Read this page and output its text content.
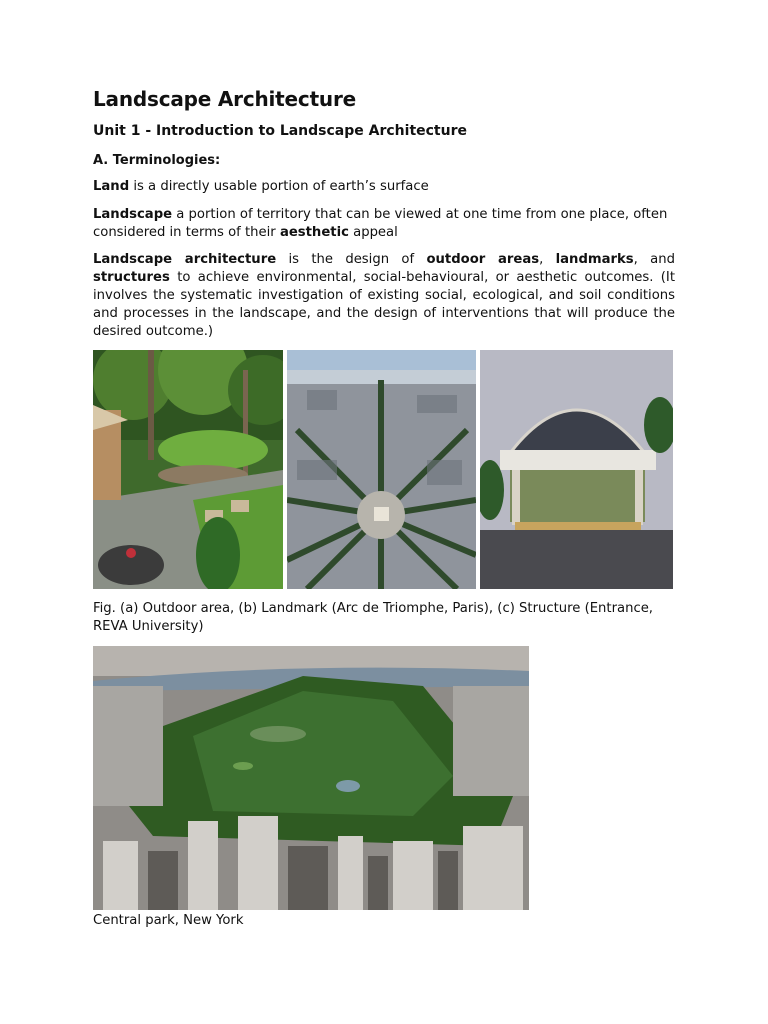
Landscape Architecture
Unit 1 - Introduction to Landscape Architecture
A. Terminologies:

Land is a directly usable portion of earth’s surface

Landscape a portion of territory that can be viewed at one time from one place, often considered in terms of their aesthetic appeal

Landscape architecture is the design of outdoor areas, landmarks, and structures to achieve environmental, social-behavioural, or aesthetic outcomes. (It involves the systematic investigation of existing social, ecological, and soil conditions and processes in the landscape, and the design of interventions that will produce the desired outcome.)

Fig. (a) Outdoor area, (b) Landmark (Arc de Triomphe, Paris), (c) Structure (Entrance, REVA University)
Central park, New York
